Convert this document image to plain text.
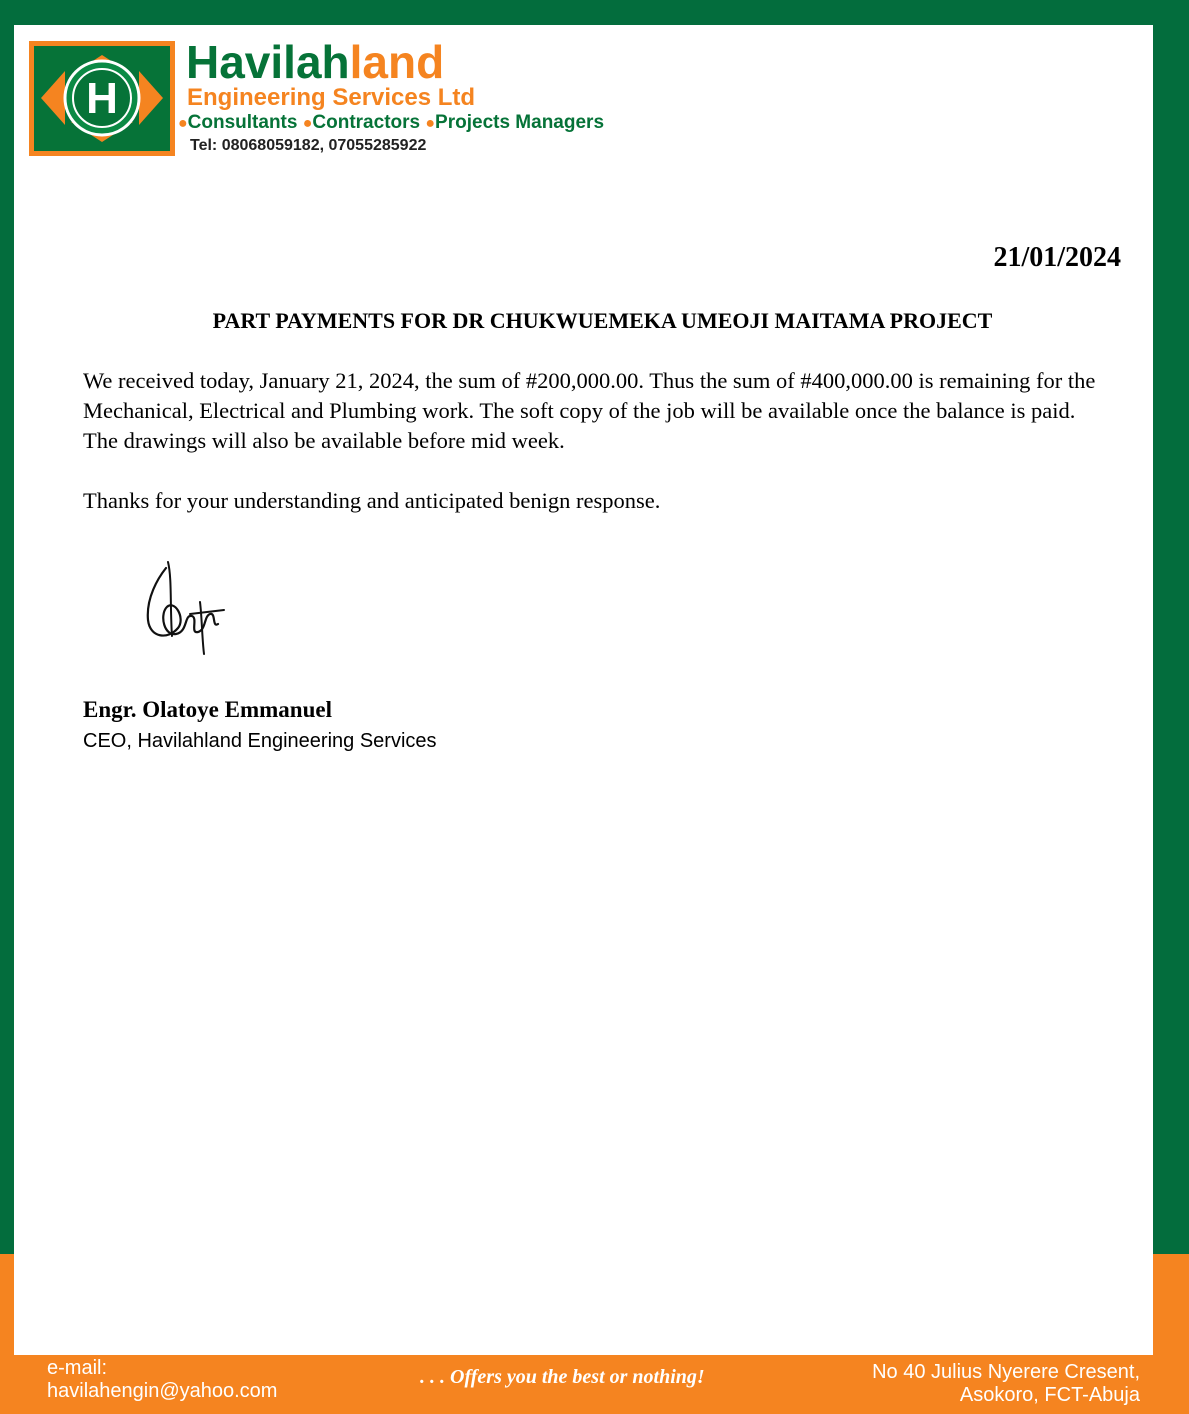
H
Havilahland
Engineering Services Ltd
●Consultants ●Contractors ●Projects Managers
Tel: 08068059182, 07055285922
21/01/2024
PART PAYMENTS FOR DR CHUKWUEMEKA UMEOJI MAITAMA PROJECT
We received today, January 21, 2024, the sum of #200,000.00. Thus the sum of #400,000.00 is remaining for the Mechanical, Electrical and Plumbing work. The soft copy of the job will be available once the balance is paid. The drawings will also be available before mid week.
Thanks for your understanding and anticipated benign response.
Engr. Olatoye Emmanuel
CEO, Havilahland Engineering Services
e-mail:
havilahengin@yahoo.com
. . . Offers you the best or nothing!	No 40 Julius Nyerere Cresent,
Asokoro, FCT-Abuja
